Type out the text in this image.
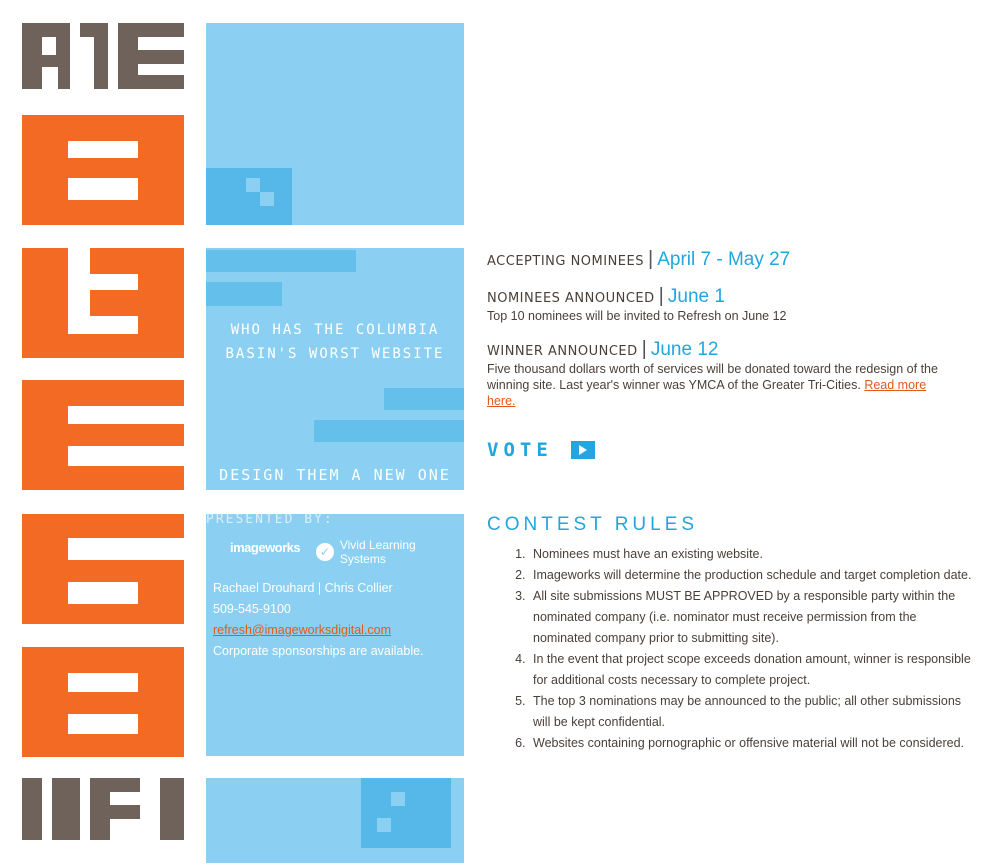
WHO HAS THE COLUMBIA
BASIN'S WORST WEBSITE
DESIGN THEM A NEW ONE
PRESENTED BY:
imageworks	✓ Vivid Learning Systems
Rachael Drouhard | Chris Collier
509-545-9100 refresh@imageworksdigital.com
Corporate sponsorships are available.
ACCEPTING NOMINEES | April 7 - May 27
NOMINEES ANNOUNCED | June 1
Top 10 nominees will be invited to Refresh on June 12
WINNER ANNOUNCED | June 12
Five thousand dollars worth of services will be donated toward the redesign of the winning site. Last year's winner was YMCA of the Greater Tri-Cities. Read more here.
VOTE
CONTEST RULES
1. Nominees must have an existing website.
2. Imageworks will determine the production schedule and target completion date.
3. All site submissions MUST BE APPROVED by a responsible party within the nominated company (i.e. nominator must receive permission from the nominated company prior to submitting site).
4. In the event that project scope exceeds donation amount, winner is responsible for additional costs necessary to complete project.
5. The top 3 nominations may be announced to the public; all other submissions will be kept confidential.
6. Websites containing pornographic or offensive material will not be considered.
